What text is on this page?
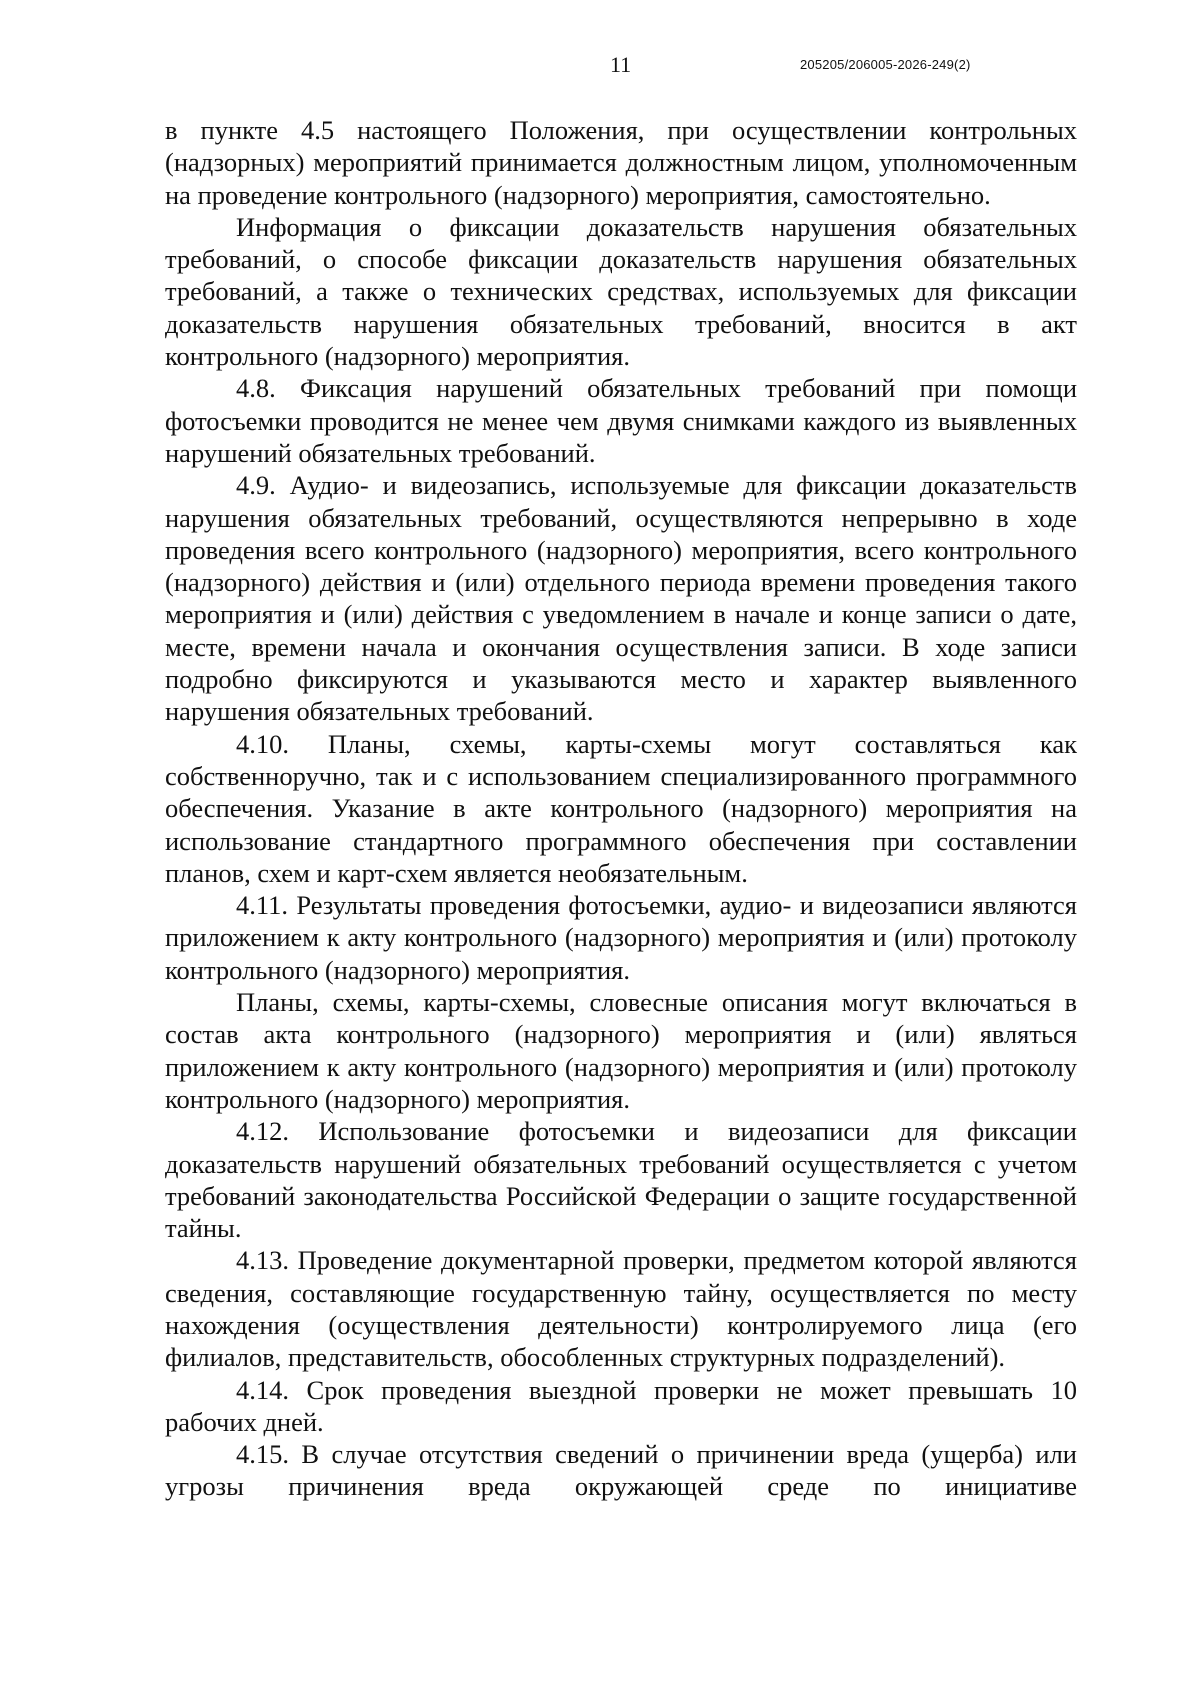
11	205205/206005-2026-249(2)

в пункте 4.5 настоящего Положения, при осуществлении контрольных (надзорных) мероприятий принимается должностным лицом, уполномоченным на проведение контрольного (надзорного) мероприятия, самостоятельно.

Информация о фиксации доказательств нарушения обязательных требований, о способе фиксации доказательств нарушения обязательных требований, а также о технических средствах, используемых для фиксации доказательств нарушения обязательных требований, вносится в акт контрольного (надзорного) мероприятия.

4.8. Фиксация нарушений обязательных требований при помощи фотосъемки проводится не менее чем двумя снимками каждого из выявленных нарушений обязательных требований.

4.9. Аудио- и видеозапись, используемые для фиксации доказательств нарушения обязательных требований, осуществляются непрерывно в ходе проведения всего контрольного (надзорного) мероприятия, всего контрольного (надзорного) действия и (или) отдельного периода времени проведения такого мероприятия и (или) действия с уведомлением в начале и конце записи о дате, месте, времени начала и окончания осуществления записи. В ходе записи подробно фиксируются и указываются место и характер выявленного нарушения обязательных требований.

4.10. Планы, схемы, карты-схемы могут составляться как собственноручно, так и с использованием специализированного программного обеспечения. Указание в акте контрольного (надзорного) мероприятия на использование стандартного программного обеспечения при составлении планов, схем и карт-схем является необязательным.

4.11. Результаты проведения фотосъемки, аудио- и видеозаписи являются приложением к акту контрольного (надзорного) мероприятия и (или) протоколу контрольного (надзорного) мероприятия.

Планы, схемы, карты-схемы, словесные описания могут включаться в состав акта контрольного (надзорного) мероприятия и (или) являться приложением к акту контрольного (надзорного) мероприятия и (или) протоколу контрольного (надзорного) мероприятия.

4.12. Использование фотосъемки и видеозаписи для фиксации доказательств нарушений обязательных требований осуществляется с учетом требований законодательства Российской Федерации о защите государственной тайны.

4.13. Проведение документарной проверки, предметом которой являются сведения, составляющие государственную тайну, осуществляется по месту нахождения (осуществления деятельности) контролируемого лица (его филиалов, представительств, обособленных структурных подразделений).

4.14. Срок проведения выездной проверки не может превышать 10 рабочих дней.

4.15. В случае отсутствия сведений о причинении вреда (ущерба) или угрозы причинения вреда окружающей среде по инициативе
